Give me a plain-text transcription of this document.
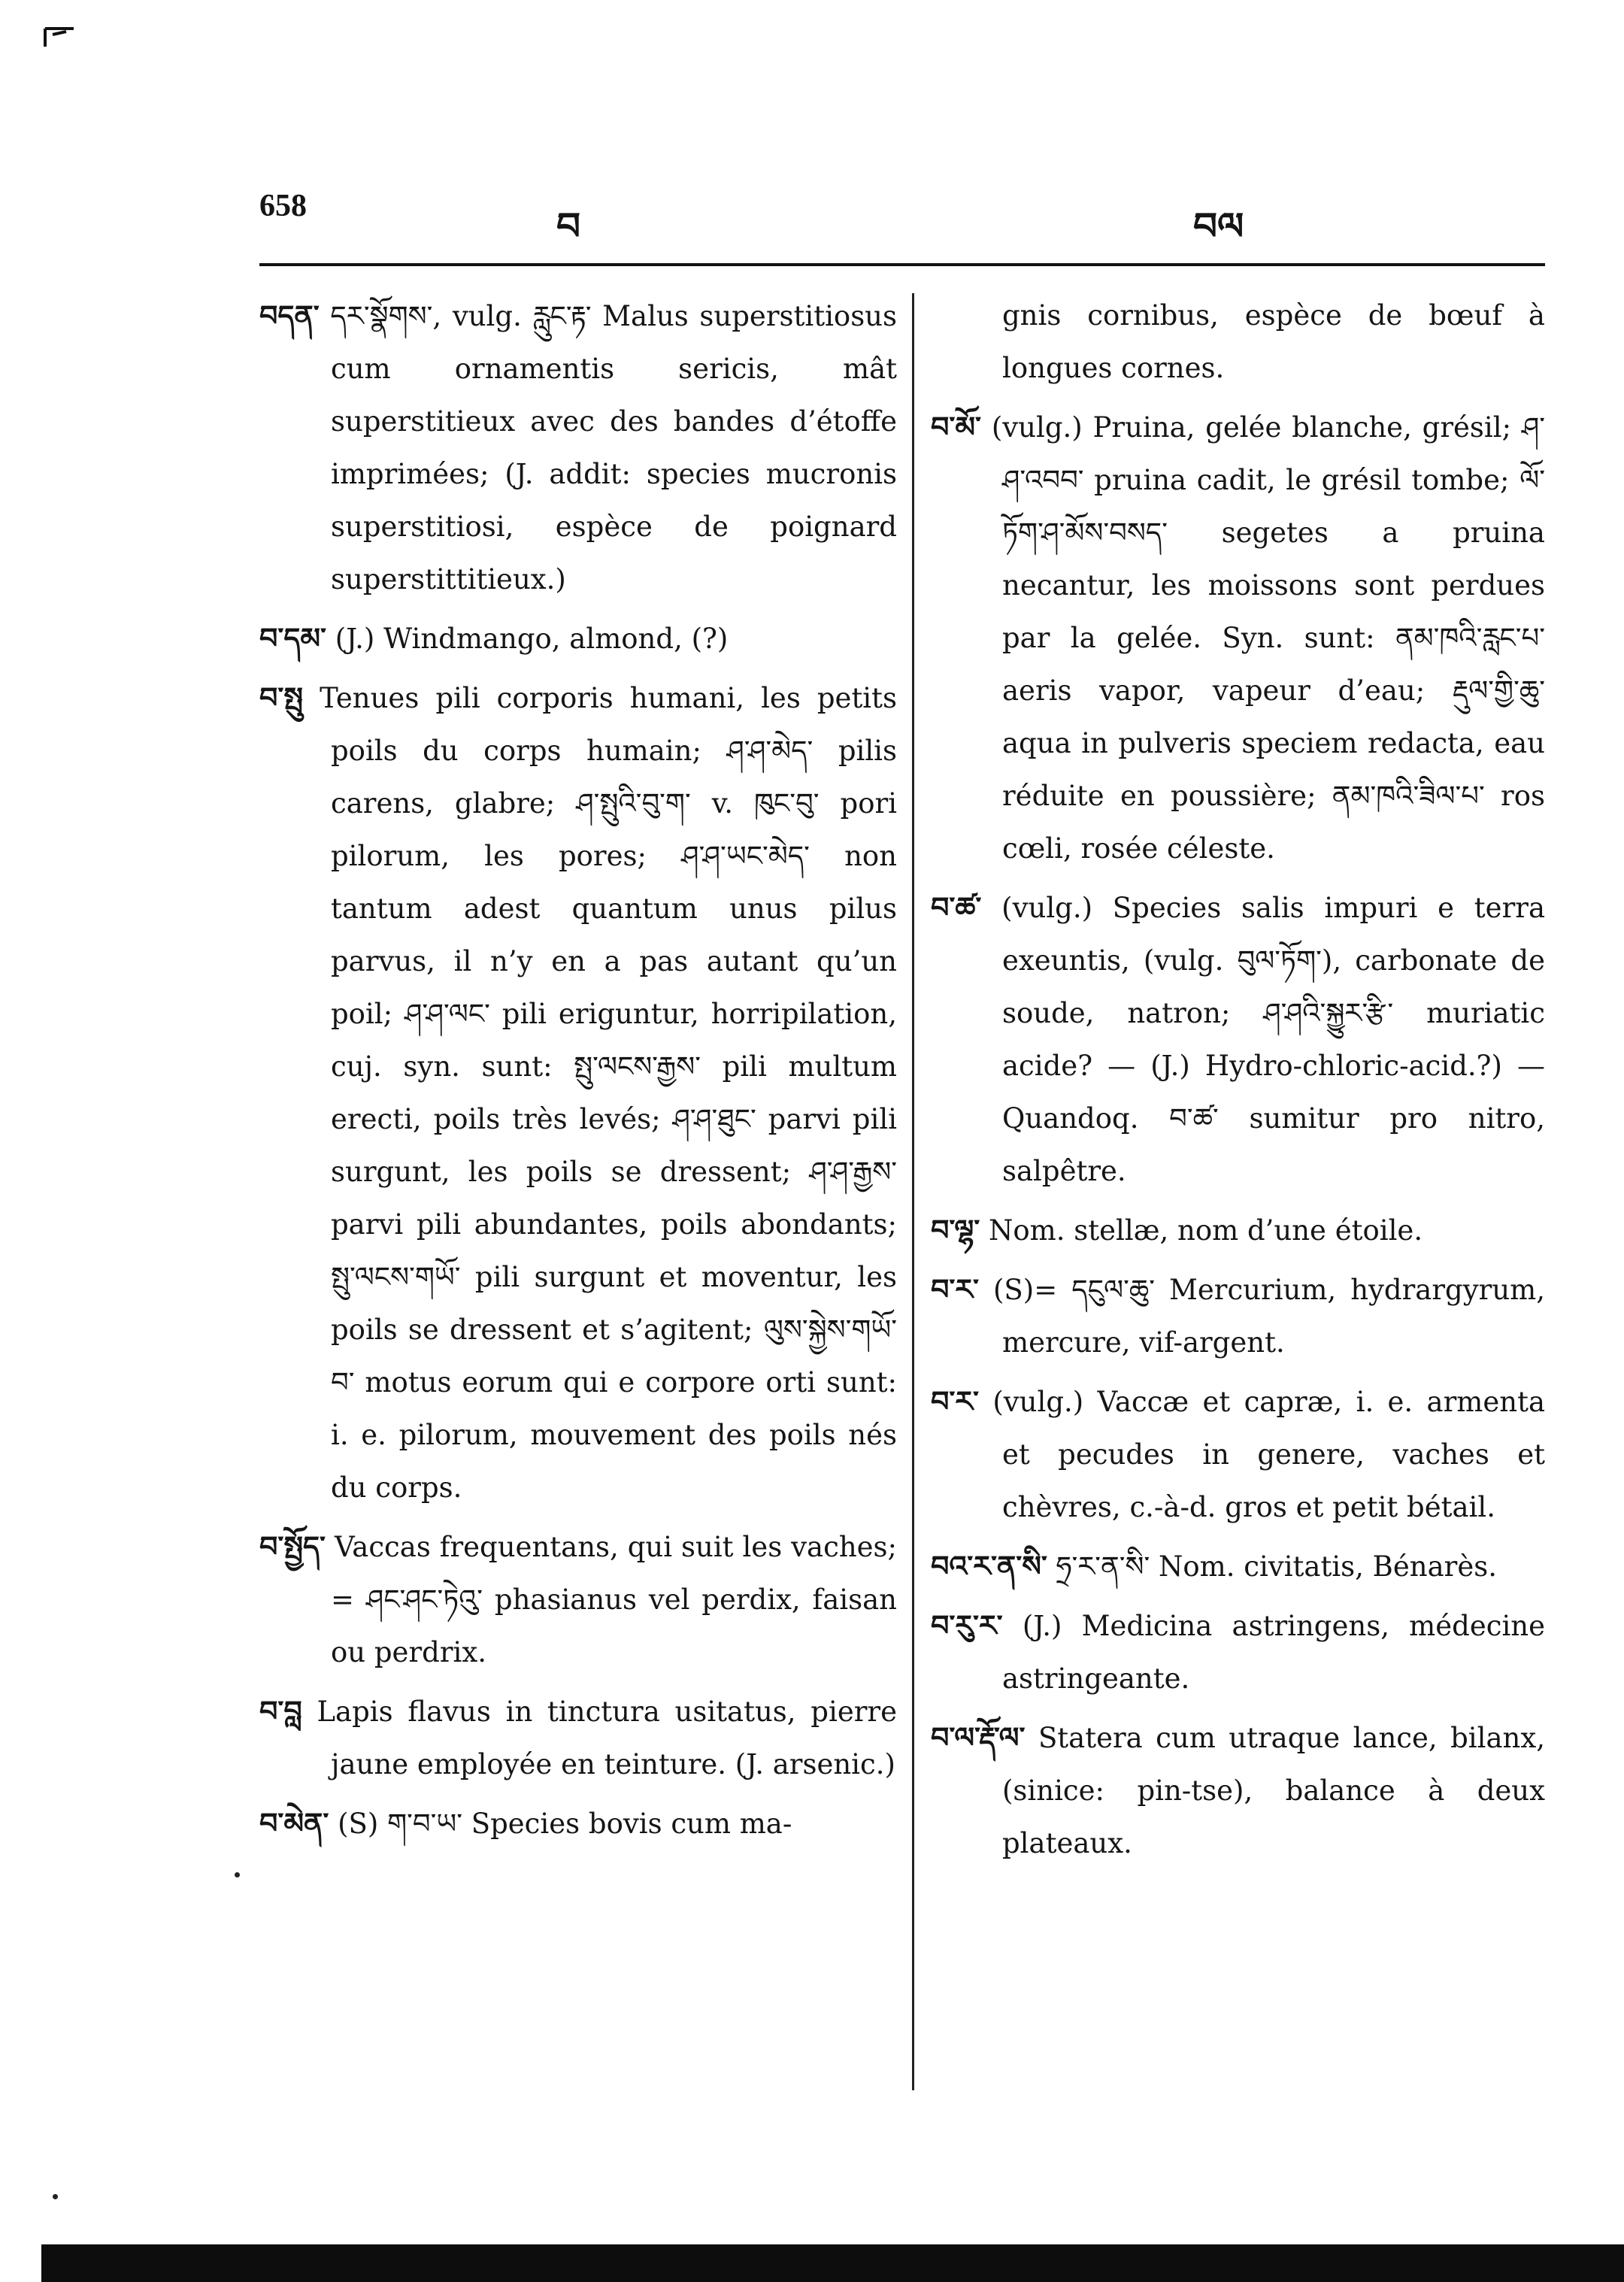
658	བ	བལ

བདན་ དར་སྣོགས་, vulg. རླུང་རྟ་ Malus superstitiosus cum ornamentis sericis, mât superstitieux avec des bandes d’étoffe imprimées; (J. addit: species mucronis superstitiosi, espèce de poignard superstittitieux.)

བ་དམ་ (J.) Windmango, almond, (?)

བ་སྤུ Tenues pili corporis humani, les petits poils du corps humain; ཤ་ཤ་མེད་ pilis carens, glabre; ཤ་སྤུའི་བུ་ག་ v. ཁུང་བུ་ pori pilorum, les pores; ཤ་ཤ་ཡང་མེད་ non tantum adest quantum unus pilus parvus, il n’y en a pas autant qu’un poil; ཤ་ཤ་ལང་ pili eriguntur, horripilation, cuj. syn. sunt: སྤུ་ལངས་རྒྱས་ pili multum erecti, poils très levés; ཤ་ཤ་ཐུང་ parvi pili surgunt, les poils se dressent; ཤ་ཤ་རྒྱས་ parvi pili abundantes, poils abondants; སྤུ་ལངས་གཡོ་ pili surgunt et moventur, les poils se dressent et s’agitent; ལུས་སྐྱེས་གཡོ་བ་ motus eorum qui e corpore orti sunt: i. e. pilorum, mouvement des poils nés du corps.

བ་སྤྱོད་ Vaccas frequentans, qui suit les vaches; = ཤང་ཤང་ཏེའུ་ phasianus vel perdix, faisan ou perdrix.

བ་བླ Lapis flavus in tinctura usitatus, pierre jaune employée en teinture. (J. arsenic.)

བ་མེན་ (S) ག་བ་ཡ་ Species bovis cum ma-

gnis cornibus, espèce de bœuf à longues cornes.

བ་མོ་ (vulg.) Pruina, gelée blanche, grésil; ཤ་ཤ་འབབ་ pruina cadit, le grésil tombe; ལོ་ཏོག་ཤ་མོས་བསད་ segetes a pruina necantur, les moissons sont perdues par la gelée. Syn. sunt: ནམ་ཁའི་རླང་པ་ aeris vapor, vapeur d’eau; རྡུལ་གྱི་ཆུ་ aqua in pulveris speciem redacta, eau réduite en poussière; ནམ་ཁའི་ཟིལ་པ་ ros cœli, rosée céleste.

བ་ཚ་ (vulg.) Species salis impuri e terra exeuntis, (vulg. བུལ་ཏོག་), carbonate de soude, natron; ཤ་ཤའི་སྐྱུར་རྩི་ muriatic acide? — (J.) Hydro-chloric-acid.?) — Quandoq. བ་ཚ་ sumitur pro nitro, salpêtre.

བ་ལྷ་ Nom. stellæ, nom d’une étoile.

བ་ར་ (S)= དངུལ་ཆུ་ Mercurium, hydrargyrum, mercure, vif-argent.

བ་ར་ (vulg.) Vaccæ et capræ, i. e. armenta et pecudes in genere, vaches et chèvres, c.-à-d. gros et petit bétail.

བའ་ར་ན་སི་ ཧྲ་ར་ན་སི་ Nom. civitatis, Bénarès.

བ་རུ་ར་ (J.) Medicina astringens, médecine astringeante.

བ་ལ་རྡོ་ལ་ Statera cum utraque lance, bilanx, (sinice: pin-tse), balance à deux plateaux.
